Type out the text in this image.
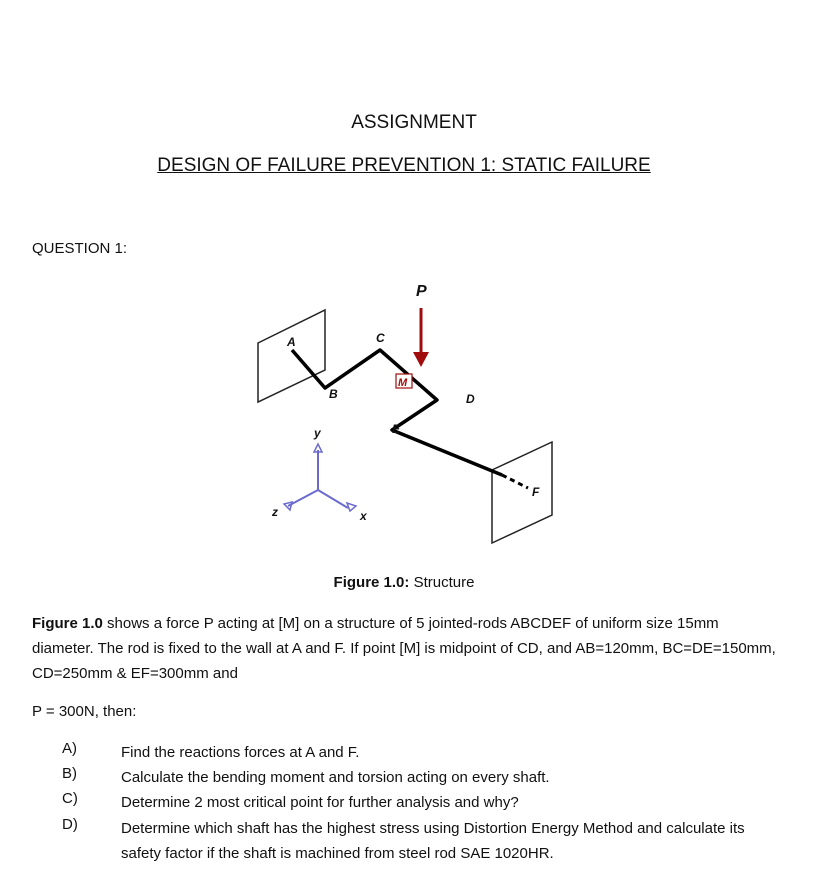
ASSIGNMENT
DESIGN OF FAILURE PREVENTION 1: STATIC FAILURE
QUESTION 1:
P
A
B
C
M
D
E
F
y
x
z
Figure 1.0: Structure
Figure 1.0 shows a force P acting at [M] on a structure of 5 jointed-rods ABCDEF of uniform size 15mm diameter. The rod is fixed to the wall at A and F. If point [M] is midpoint of CD, and AB=120mm, BC=DE=150mm, CD=250mm & EF=300mm and
P = 300N, then:
A)	Find the reactions forces at A and F.
B)	Calculate the bending moment and torsion acting on every shaft.
C)	Determine 2 most critical point for further analysis and why?
D)	Determine which shaft has the highest stress using Distortion Energy Method and calculate its safety factor if the shaft is machined from steel rod SAE 1020HR.
